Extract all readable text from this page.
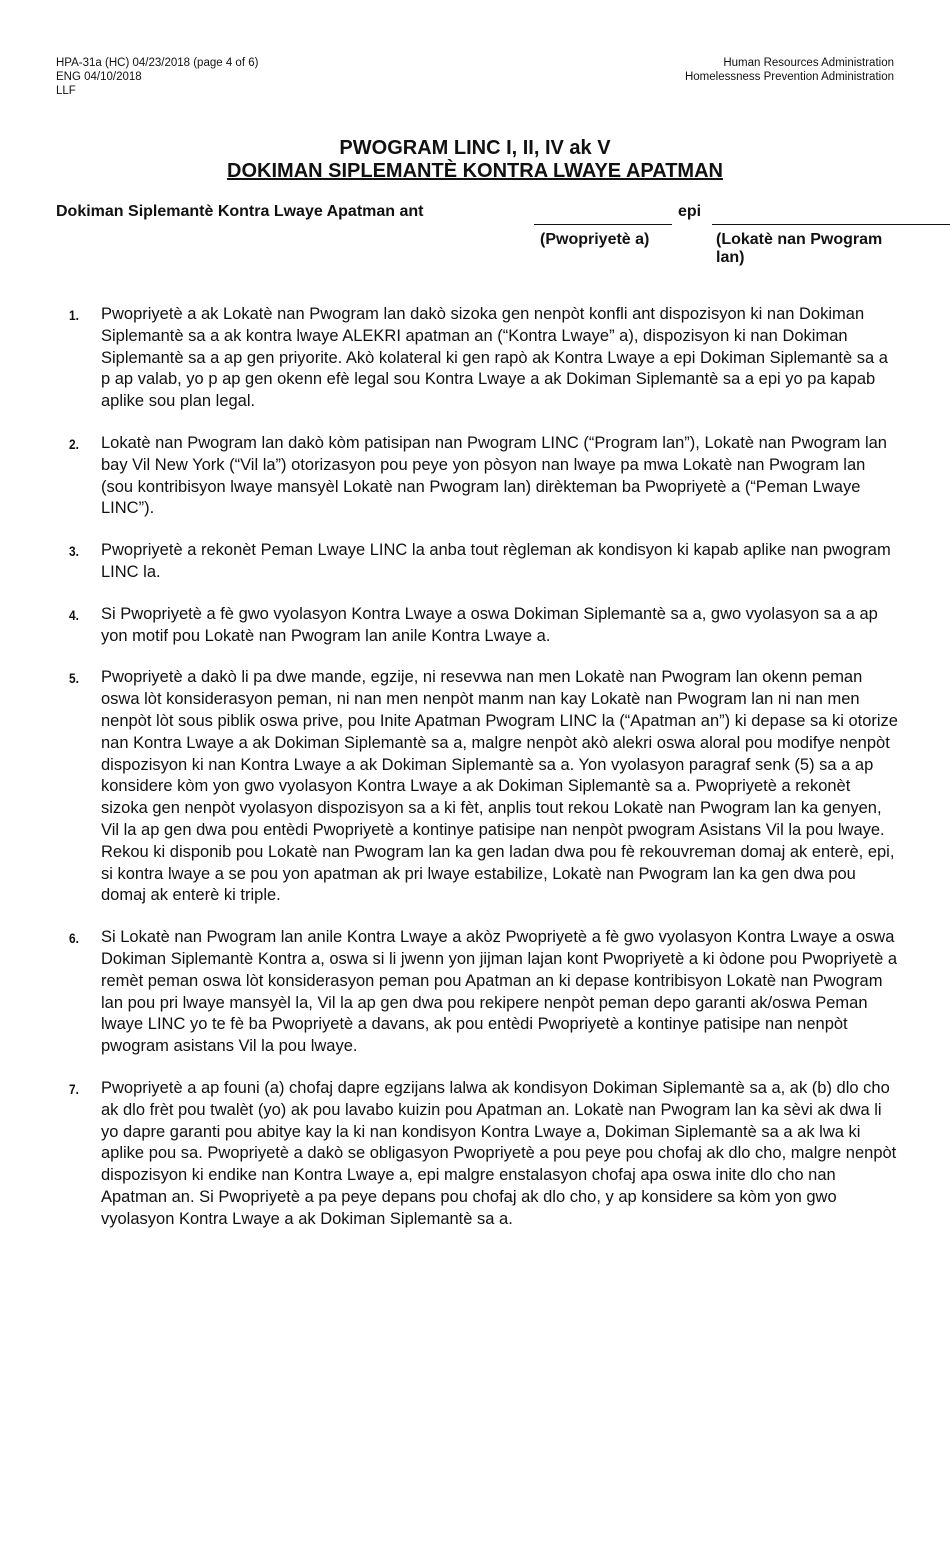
HPA-31a (HC) 04/23/2018 (page 4 of 6)
ENG 04/10/2018
LLF
Human Resources Administration
Homelessness Prevention Administration
PWOGRAM LINC I, II, IV ak V
DOKIMAN SIPLEMANTÈ KONTRA LWAYE APATMAN
Dokiman Siplemantè Kontra Lwaye Apatman ant	epi
(Pwopriyetè a)	(Lokatè nan Pwogram lan)
1. Pwopriyetè a ak Lokatè nan Pwogram lan dakò sizoka gen nenpòt konfli ant dispozisyon ki nan Dokiman Siplemantè sa a ak kontra lwaye ALEKRI apatman an (“Kontra Lwaye” a), dispozisyon ki nan Dokiman Siplemantè sa a ap gen priyorite. Akò kolateral ki gen rapò ak Kontra Lwaye a epi Dokiman Siplemantè sa a p ap valab, yo p ap gen okenn efè legal sou Kontra Lwaye a ak Dokiman Siplemantè sa a epi yo pa kapab aplike sou plan legal.
2. Lokatè nan Pwogram lan dakò kòm patisipan nan Pwogram LINC (“Program lan”), Lokatè nan Pwogram lan bay Vil New York (“Vil la”) otorizasyon pou peye yon pòsyon nan lwaye pa mwa Lokatè nan Pwogram lan (sou kontribisyon lwaye mansyèl Lokatè nan Pwogram lan) dirèkteman ba Pwopriyetè a (“Peman Lwaye LINC”).
3. Pwopriyetè a rekonèt Peman Lwaye LINC la anba tout règleman ak kondisyon ki kapab aplike nan pwogram LINC la.
4. Si Pwopriyetè a fè gwo vyolasyon Kontra Lwaye a oswa Dokiman Siplemantè sa a, gwo vyolasyon sa a ap yon motif pou Lokatè nan Pwogram lan anile Kontra Lwaye a.
5. Pwopriyetè a dakò li pa dwe mande, egzije, ni resevwa nan men Lokatè nan Pwogram lan okenn peman oswa lòt konsiderasyon peman, ni nan men nenpòt manm nan kay Lokatè nan Pwogram lan ni nan men nenpòt lòt sous piblik oswa prive, pou Inite Apatman Pwogram LINC la (“Apatman an”) ki depase sa ki otorize nan Kontra Lwaye a ak Dokiman Siplemantè sa a, malgre nenpòt akò alekri oswa aloral pou modifye nenpòt dispozisyon ki nan Kontra Lwaye a ak Dokiman Siplemantè sa a. Yon vyolasyon paragraf senk (5) sa a ap konsidere kòm yon gwo vyolasyon Kontra Lwaye a ak Dokiman Siplemantè sa a. Pwopriyetè a rekonèt sizoka gen nenpòt vyolasyon dispozisyon sa a ki fèt, anplis tout rekou Lokatè nan Pwogram lan ka genyen, Vil la ap gen dwa pou entèdi Pwopriyetè a kontinye patisipe nan nenpòt pwogram Asistans Vil la pou lwaye. Rekou ki disponib pou Lokatè nan Pwogram lan ka gen ladan dwa pou fè rekouvreman domaj ak enterè, epi, si kontra lwaye a se pou yon apatman ak pri lwaye estabilize, Lokatè nan Pwogram lan ka gen dwa pou domaj ak enterè ki triple.
6. Si Lokatè nan Pwogram lan anile Kontra Lwaye a akòz Pwopriyetè a fè gwo vyolasyon Kontra Lwaye a oswa Dokiman Siplemantè Kontra a, oswa si li jwenn yon jijman lajan kont Pwopriyetè a ki òdone pou Pwopriyetè a remèt peman oswa lòt konsiderasyon peman pou Apatman an ki depase kontribisyon Lokatè nan Pwogram lan pou pri lwaye mansyèl la, Vil la ap gen dwa pou rekipere nenpòt peman depo garanti ak/oswa Peman lwaye LINC yo te fè ba Pwopriyetè a davans, ak pou entèdi Pwopriyetè a kontinye patisipe nan nenpòt pwogram asistans Vil la pou lwaye.
7. Pwopriyetè a ap founi (a) chofaj dapre egzijans lalwa ak kondisyon Dokiman Siplemantè sa a, ak (b) dlo cho ak dlo frèt pou twalèt (yo) ak pou lavabo kuizin pou Apatman an. Lokatè nan Pwogram lan ka sèvi ak dwa li yo dapre garanti pou abitye kay la ki nan kondisyon Kontra Lwaye a, Dokiman Siplemantè sa a ak lwa ki aplike pou sa. Pwopriyetè a dakò se obligasyon Pwopriyetè a pou peye pou chofaj ak dlo cho, malgre nenpòt dispozisyon ki endike nan Kontra Lwaye a, epi malgre enstalasyon chofaj apa oswa inite dlo cho nan Apatman an. Si Pwopriyetè a pa peye depans pou chofaj ak dlo cho, y ap konsidere sa kòm yon gwo vyolasyon Kontra Lwaye a ak Dokiman Siplemantè sa a.
